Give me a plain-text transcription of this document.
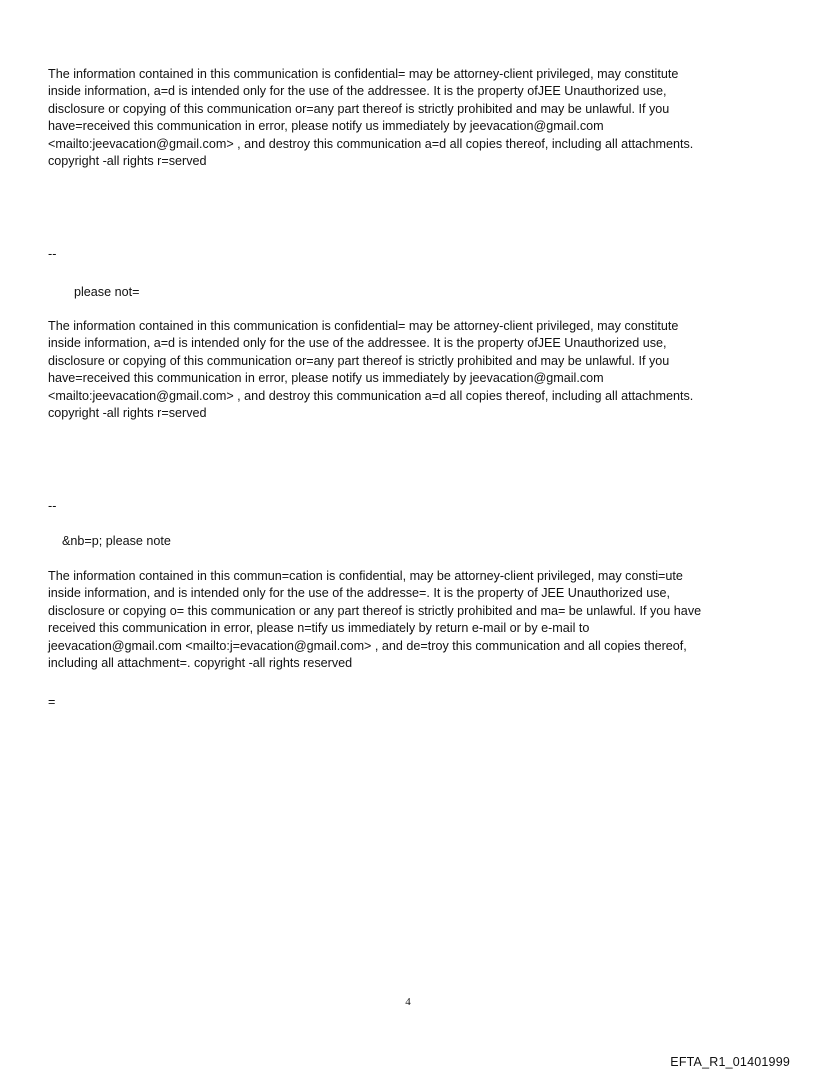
The information contained in this communication is confidential= may be attorney-client privileged, may constitute
inside information, a=d is intended only for the use of the addressee. It is the property ofJEE Unauthorized use,
disclosure or copying of this communication or=any part thereof is strictly prohibited and may be unlawful. If you
have=received this communication in error, please notify us immediately by jeevacation@gmail.com
<mailto:jeevacation@gmail.com> , and destroy this communication a=d all copies thereof, including all attachments.
copyright -all rights r=served

--
please not=

The information contained in this communication is confidential= may be attorney-client privileged, may constitute
inside information, a=d is intended only for the use of the addressee. It is the property ofJEE Unauthorized use,
disclosure or copying of this communication or=any part thereof is strictly prohibited and may be unlawful. If you
have=received this communication in error, please notify us immediately by jeevacation@gmail.com
<mailto:jeevacation@gmail.com> , and destroy this communication a=d all copies thereof, including all attachments.
copyright -all rights r=served

--
&nb=p; please note

The information contained in this commun=cation is confidential, may be attorney-client privileged, may consti=ute
inside information, and is intended only for the use of the addresse=. It is the property of JEE Unauthorized use,
disclosure or copying o= this communication or any part thereof is strictly prohibited and ma= be unlawful. If you have
received this communication in error, please n=tify us immediately by return e-mail or by e-mail to
jeevacation@gmail.com <mailto:j=evacation@gmail.com> , and de=troy this communication and all copies thereof,
including all attachment=. copyright -all rights reserved

=
4
EFTA_R1_01401999
